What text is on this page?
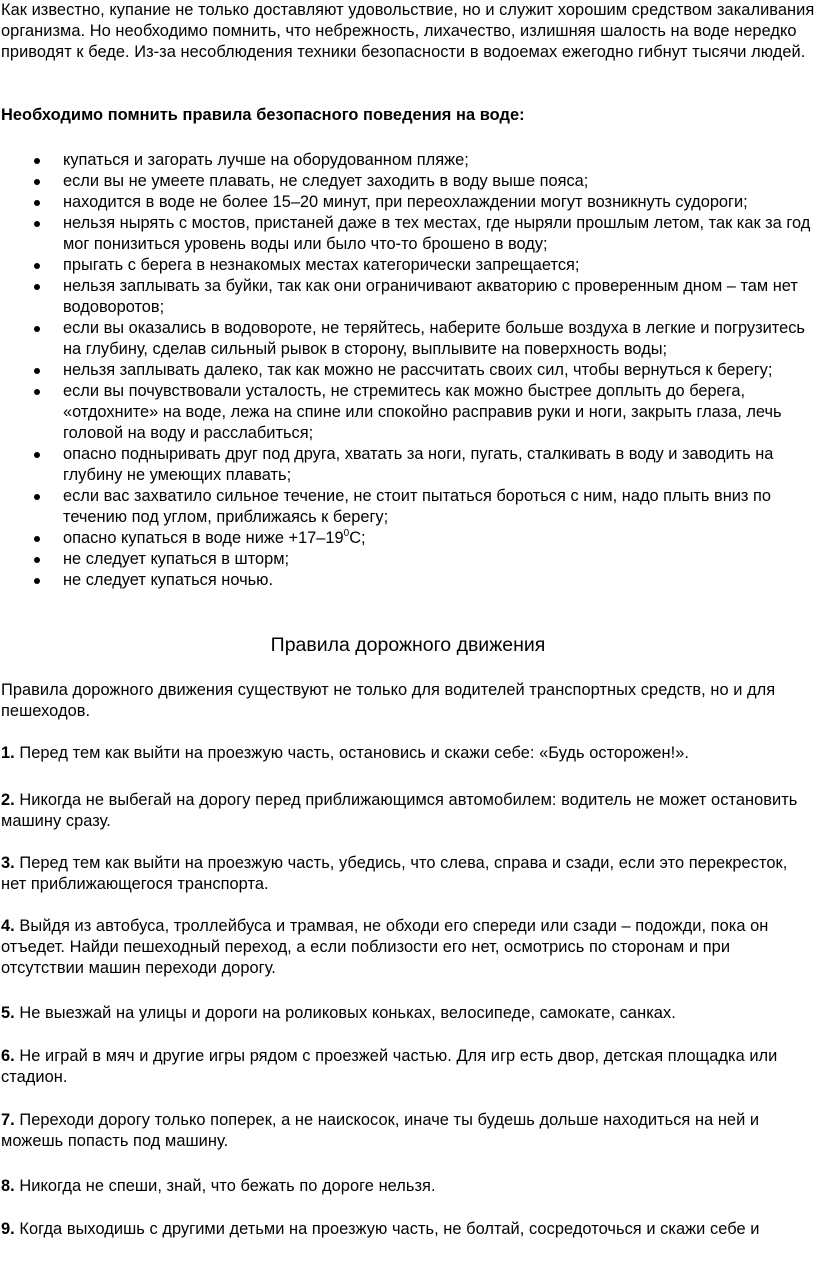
Как известно, купание не только доставляют удовольствие, но и служит хорошим средством закаливания организма. Но необходимо помнить, что небрежность, лихачество, излишняя шалость на воде нередко приводят к беде. Из-за несоблюдения техники безопасности в водоемах ежегодно гибнут тысячи людей.

Необходимо помнить правила безопасного поведения на воде:

купаться и загорать лучше на оборудованном пляже;
если вы не умеете плавать, не следует заходить в воду выше пояса;
находится в воде не более 15–20 минут, при переохлаждении могут возникнуть судороги;
нельзя нырять с мостов, пристаней даже в тех местах, где ныряли прошлым летом, так как за год мог понизиться уровень воды или было что-то брошено в воду;
прыгать с берега в незнакомых местах категорически запрещается;
нельзя заплывать за буйки, так как они ограничивают акваторию с проверенным дном – там нет водоворотов;
если вы оказались в водовороте, не теряйтесь, наберите больше воздуха в легкие и погрузитесь на глубину, сделав сильный рывок в сторону, выплывите на поверхность воды;
нельзя заплывать далеко, так как можно не рассчитать своих сил, чтобы вернуться к берегу;
если вы почувствовали усталость, не стремитесь как можно быстрее доплыть до берега, «отдохните» на воде, лежа на спине или спокойно расправив руки и ноги, закрыть глаза, лечь головой на воду и расслабиться;
опасно подныривать друг под друга, хватать за ноги, пугать, сталкивать в воду и заводить на глубину не умеющих плавать;
если вас захватило сильное течение, не стоит пытаться бороться с ним, надо плыть вниз по течению под углом, приближаясь к берегу;
опасно купаться в воде ниже $+17-19^0С$;
не следует купаться в шторм;
не следует купаться ночью.
Правила дорожного движения

Правила дорожного движения существуют не только для водителей транспортных средств, но и для пешеходов.

1. Перед тем как выйти на проезжую часть, остановись и скажи себе: «Будь осторожен!».

2. Никогда не выбегай на дорогу перед приближающимся автомобилем: водитель не может остановить машину сразу.

3. Перед тем как выйти на проезжую часть, убедись, что слева, справа и сзади, если это перекресток, нет приближающегося транспорта.

4. Выйдя из автобуса, троллейбуса и трамвая, не обходи его спереди или сзади – подожди, пока он отъедет. Найди пешеходный переход, а если поблизости его нет, осмотрись по сторонам и при отсутствии машин переходи дорогу.

5. Не выезжай на улицы и дороги на роликовых коньках, велосипеде, самокате, санках.

6. Не играй в мяч и другие игры рядом с проезжей частью. Для игр есть двор, детская площадка или стадион.

7. Переходи дорогу только поперек, а не наискосок, иначе ты будешь дольше находиться на ней и можешь попасть под машину.

8. Никогда не спеши, знай, что бежать по дороге нельзя.

9. Когда выходишь с другими детьми на проезжую часть, не болтай, сосредоточься и скажи себе и
